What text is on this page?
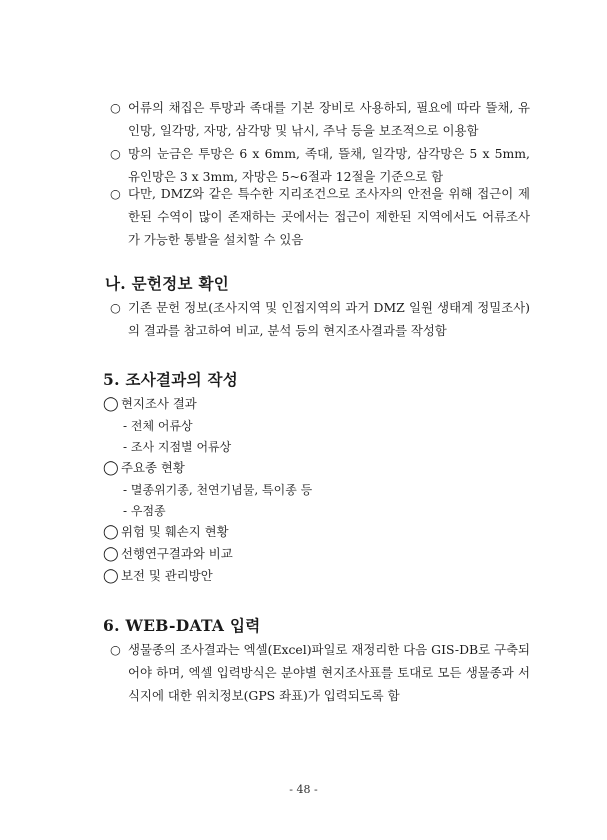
○ 어류의 채집은 투망과 족대를 기본 장비로 사용하되, 필요에 따라 뜰채, 유인망, 일각망, 자망, 삼각망 및 낚시, 주낙 등을 보조적으로 이용함
○ 망의 눈금은 투망은 6 x 6mm, 족대, 뜰채, 일각망, 삼각망은 5 x 5mm, 유인망은 3 x 3mm, 자망은 5~6절과 12절을 기준으로 함
○ 다만, DMZ와 같은 특수한 지리조건으로 조사자의 안전을 위해 접근이 제한된 수역이 많이 존재하는 곳에서는 접근이 제한된 지역에서도 어류조사가 가능한 통발을 설치할 수 있음
나. 문헌정보 확인
○ 기존 문헌 정보(조사지역 및 인접지역의 과거 DMZ 일원 생태계 정밀조사)의 결과를 참고하여 비교, 분석 등의 현지조사결과를 작성함
5. 조사결과의 작성
◯ 현지조사 결과
- 전체 어류상
- 조사 지점별 어류상
◯ 주요종 현황
- 멸종위기종, 천연기념물, 특이종 등
- 우점종
◯ 위험 및 훼손지 현황
◯ 선행연구결과와 비교
◯ 보전 및 관리방안
6. WEB-DATA 입력
○ 생물종의 조사결과는 엑셀(Excel)파일로 재정리한 다음 GIS-DB로 구축되어야 하며, 엑셀 입력방식은 분야별 현지조사표를 토대로 모든 생물종과 서식지에 대한 위치정보(GPS 좌표)가 입력되도록 함
- 48 -
